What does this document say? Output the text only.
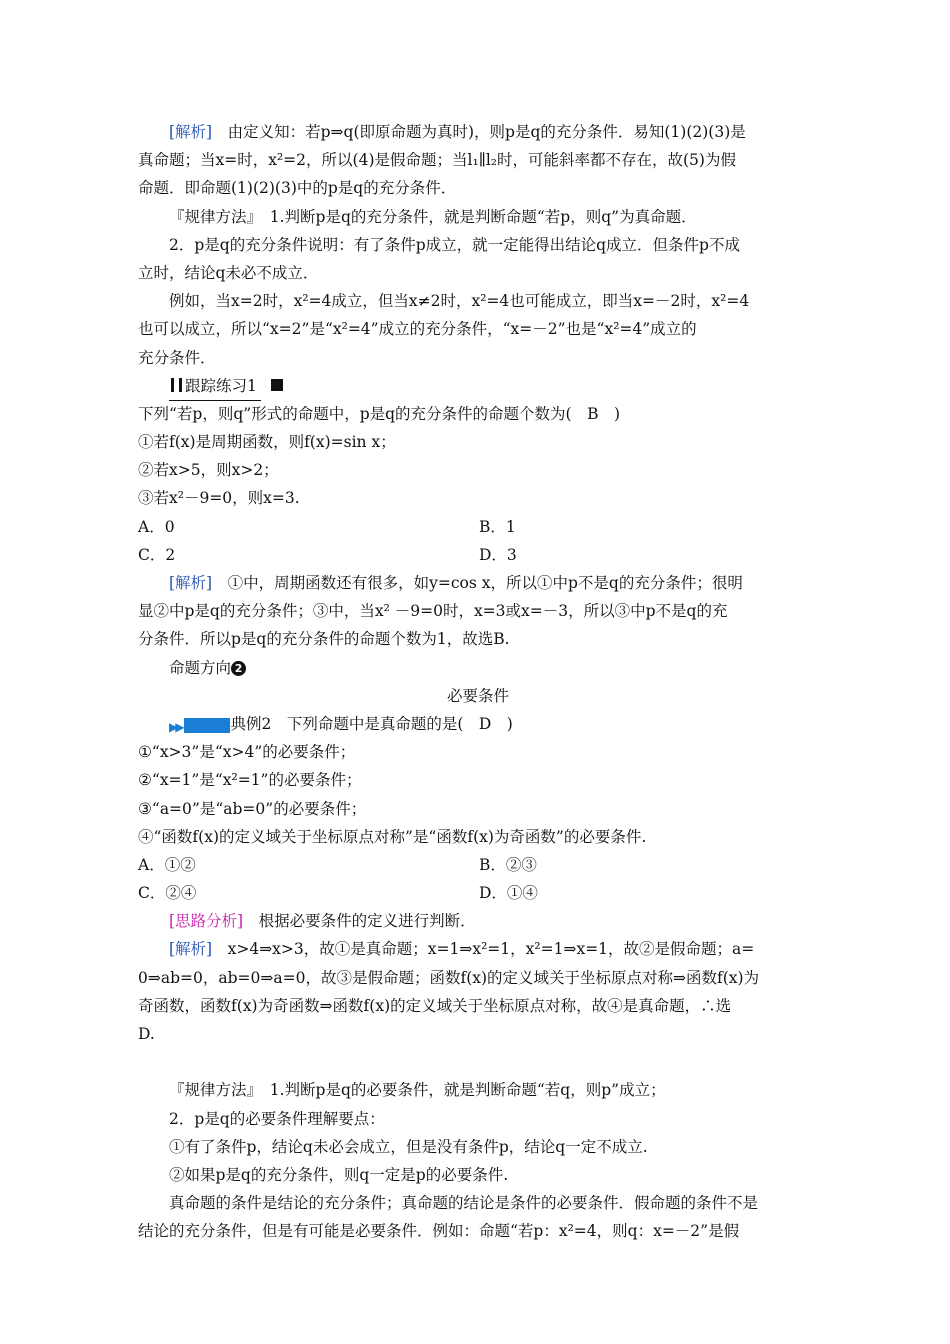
[解析]　由定义知：若p⇒q(即原命题为真时)，则p是q的充分条件．易知(1)(2)(3)是
真命题；当x=时，x²=2，所以(4)是假命题；当l₁∥l₂时，可能斜率都不存在，故(5)为假
命题．即命题(1)(2)(3)中的p是q的充分条件．
『规律方法』　1.判断p是q的充分条件，就是判断命题“若p，则q”为真命题．
2．p是q的充分条件说明：有了条件p成立，就一定能得出结论q成立．但条件p不成
立时，结论q未必不成立．
例如，当x=2时，x²=4成立，但当x≠2时，x²=4也可能成立，即当x=－2时，x²=4
也可以成立，所以“x=2”是“x²=4”成立的充分条件，“x=－2”也是“x²=4”成立的
充分条件．
跟踪练习1
下列“若p，则q”形式的命题中，p是q的充分条件的命题个数为(　B　)
①若f(x)是周期函数，则f(x)=sin x；
②若x>5，则x>2；
③若x²－9=0，则x=3.
A．0	B．1
C．2	D．3
[解析]　①中，周期函数还有很多，如y=cos x，所以①中p不是q的充分条件；很明
显②中p是q的充分条件；③中，当x² －9=0时，x=3或x=－3，所以③中p不是q的充
分条件．所以p是q的充分条件的命题个数为1，故选B.
命题方向 2
必要条件
▶▶	典例2　下列命题中是真命题的是(　D　)
①“x>3”是“x>4”的必要条件；
②“x=1”是“x²=1”的必要条件；
③“a=0”是“ab=0”的必要条件；
④“函数f(x)的定义域关于坐标原点对称”是“函数f(x)为奇函数”的必要条件.
A．①②	B．②③
C．②④	D．①④
[思路分析]　根据必要条件的定义进行判断．
[解析]　x>4⇒x>3，故①是真命题；x=1⇒x²=1，x²=1⇒x=1，故②是假命题；a=
0⇒ab=0，ab=0⇒a=0，故③是假命题；函数f(x)的定义域关于坐标原点对称⇒函数f(x)为
奇函数，函数f(x)为奇函数⇒函数f(x)的定义域关于坐标原点对称，故④是真命题，∴选
D.
『规律方法』　1.判断p是q的必要条件，就是判断命题“若q，则p”成立；
2．p是q的必要条件理解要点：
①有了条件p，结论q未必会成立，但是没有条件p，结论q一定不成立.
②如果p是q的充分条件，则q一定是p的必要条件.
真命题的条件是结论的充分条件；真命题的结论是条件的必要条件．假命题的条件不是
结论的充分条件，但是有可能是必要条件．例如：命题“若p：x²=4，则q：x=－2”是假
